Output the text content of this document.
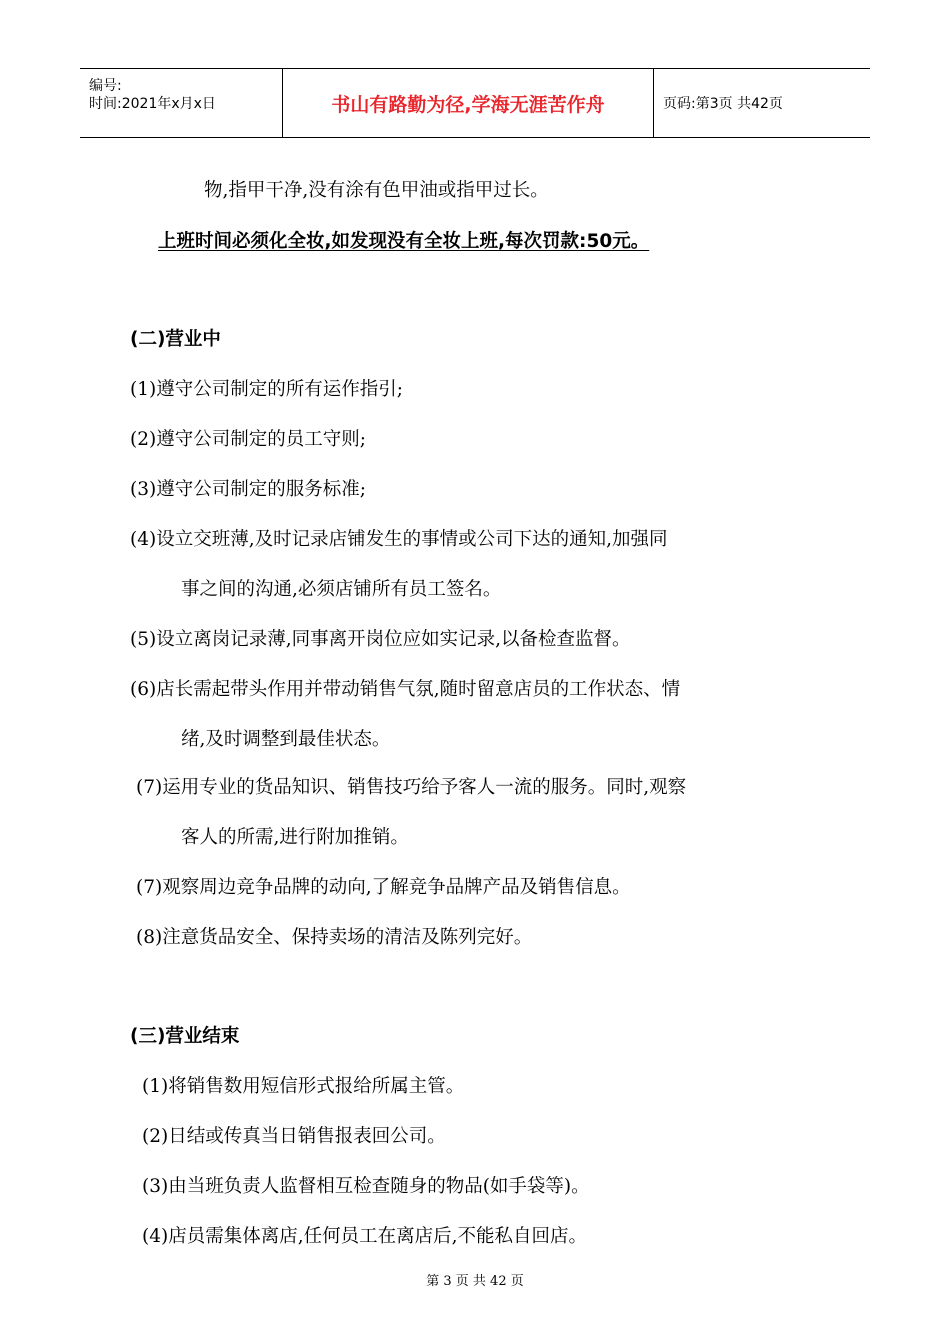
编号:
时间:2021年x月x日	书山有路勤为径,学海无涯苦作舟	页码:第3页 共42页
物,指甲干净,没有涂有色甲油或指甲过长。
上班时间必须化全妆,如发现没有全妆上班,每次罚款:50元。
(二)营业中
(1)遵守公司制定的所有运作指引;
(2)遵守公司制定的员工守则;
(3)遵守公司制定的服务标准;
(4)设立交班薄,及时记录店铺发生的事情或公司下达的通知,加强同
事之间的沟通,必须店铺所有员工签名。
(5)设立离岗记录薄,同事离开岗位应如实记录,以备检查监督。
(6)店长需起带头作用并带动销售气氛,随时留意店员的工作状态、情
绪,及时调整到最佳状态。
(7)运用专业的货品知识、销售技巧给予客人一流的服务。同时,观察
客人的所需,进行附加推销。
(7)观察周边竞争品牌的动向,了解竞争品牌产品及销售信息。
(8)注意货品安全、保持卖场的清洁及陈列完好。
(三)营业结束
(1)将销售数用短信形式报给所属主管。
(2)日结或传真当日销售报表回公司。
(3)由当班负责人监督相互检查随身的物品(如手袋等)。
(4)店员需集体离店,任何员工在离店后,不能私自回店。
第 3 页 共 42 页
